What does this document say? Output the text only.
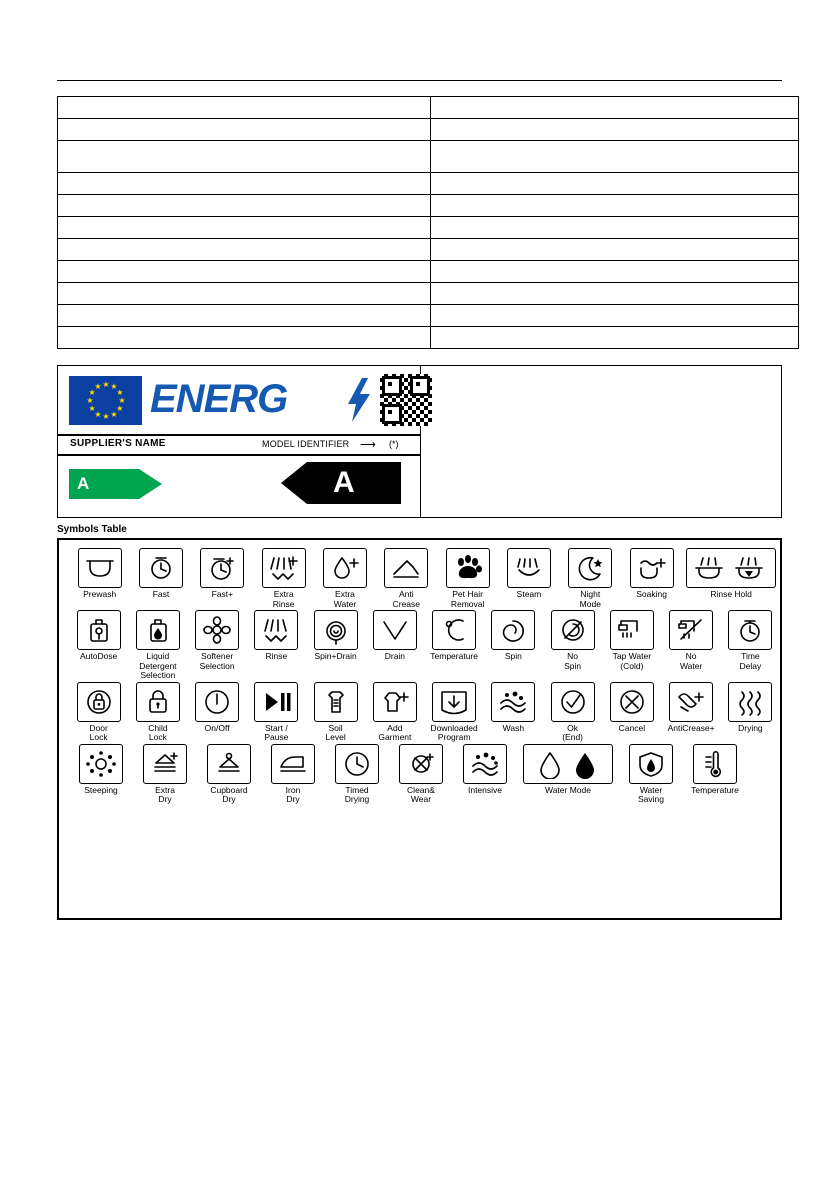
★ ★
★
★
★
★
★
★
★
★
★
★ ENERG
SUPPLIER'S NAME	MODEL IDENTIFIER ⟶ (*)
A	A
Symbols Table
Prewash	Fast	Fast+	Extra
Rinse
Extra
Water
Anti
Crease
Pet Hair
Removal
Steam	Night
Mode
Soaking	Rinse Hold
AutoDose	Liquid
Detergent
Selection
Softener
Selection
Rinse	Spin+Drain	Drain	Temperature	Spin	No
Spin
Tap Water
(Cold)
No
Water
Time
Delay
Door
Lock
Child
Lock
On/Off	Start /
Pause
Soil
Level
Add
Garment
Downloaded
Program
Wash	Ok
(End)
Cancel	AntiCrease+	Drying
Steeping	Extra
Dry
Cupboard
Dry
Iron
Dry
Timed
Drying
Clean&
Wear
Intensive	Water Mode	Water
Saving
Temperature
